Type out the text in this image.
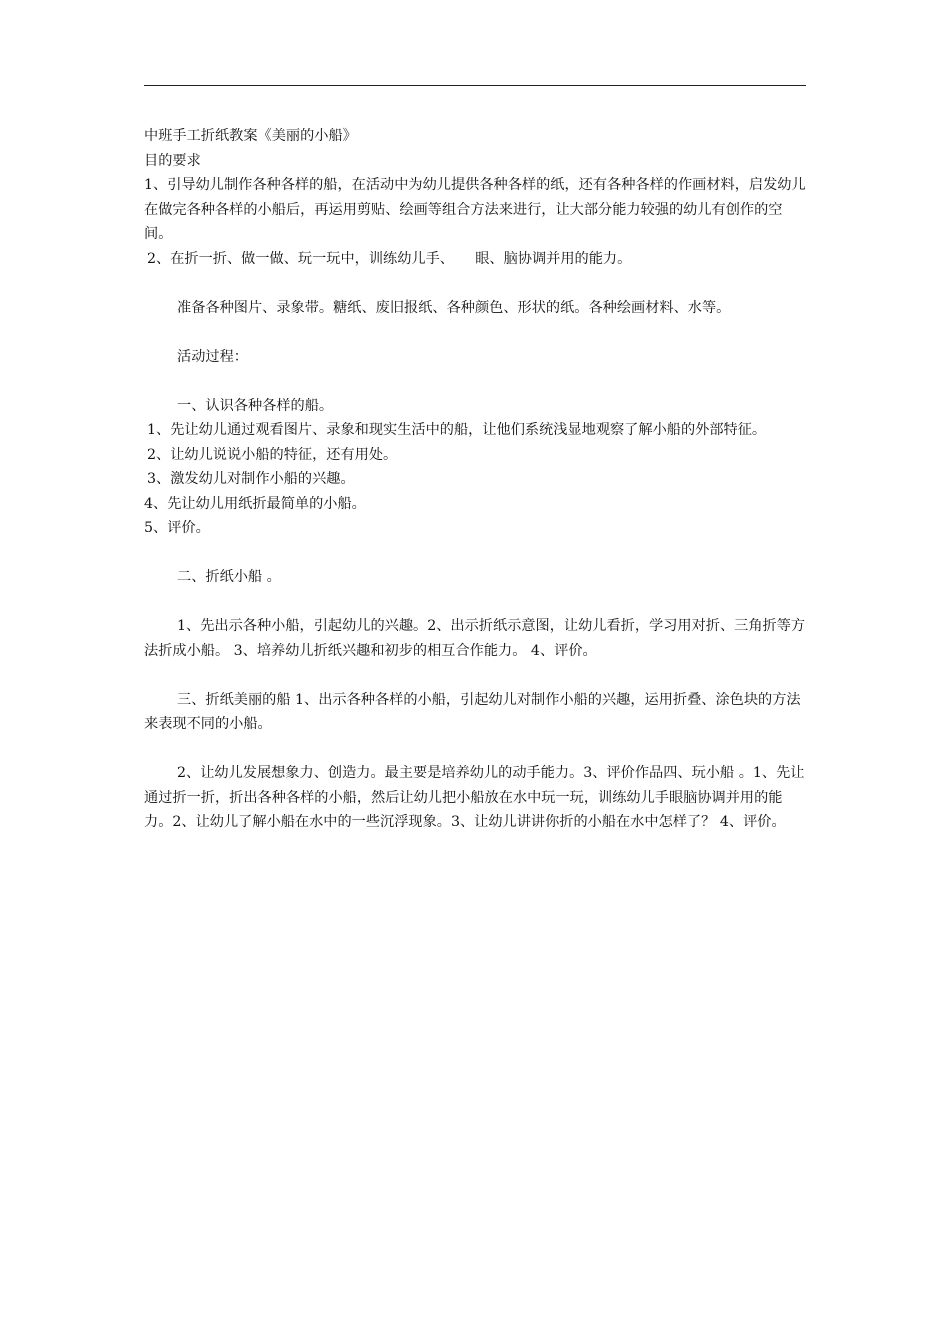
中班手工折纸教案《美丽的小船》

目的要求

1、引导幼儿制作各种各样的船，在活动中为幼儿提供各种各样的纸，还有各种各样的作画材料，启发幼儿在做完各种各样的小船后，再运用剪贴、绘画等组合方法来进行，让大部分能力较强的幼儿有创作的空间。

2、在折一折、做一做、玩一玩中，训练幼儿手、　　眼、脑协调并用的能力。

准备各种图片、录象带。糖纸、废旧报纸、各种颜色、形状的纸。各种绘画材料、水等。

活动过程：

一、认识各种各样的船。

1、先让幼儿通过观看图片、录象和现实生活中的船，让他们系统浅显地观察了解小船的外部特征。

2、让幼儿说说小船的特征，还有用处。

3、激发幼儿对制作小船的兴趣。

4、先让幼儿用纸折最简单的小船。

5、评价。

二、折纸小船 。

1、先出示各种小船，引起幼儿的兴趣。2、出示折纸示意图，让幼儿看折，学习用对折、三角折等方法折成小船。 3、培养幼儿折纸兴趣和初步的相互合作能力。 4、评价。

三、折纸美丽的船 1、出示各种各样的小船，引起幼儿对制作小船的兴趣，运用折叠、涂色块的方法来表现不同的小船。

2、让幼儿发展想象力、创造力。最主要是培养幼儿的动手能力。3、评价作品四、玩小船 。1、先让通过折一折，折出各种各样的小船，然后让幼儿把小船放在水中玩一玩，训练幼儿手眼脑协调并用的能力。2、让幼儿了解小船在水中的一些沉浮现象。3、让幼儿讲讲你折的小船在水中怎样了？ 4、评价。
